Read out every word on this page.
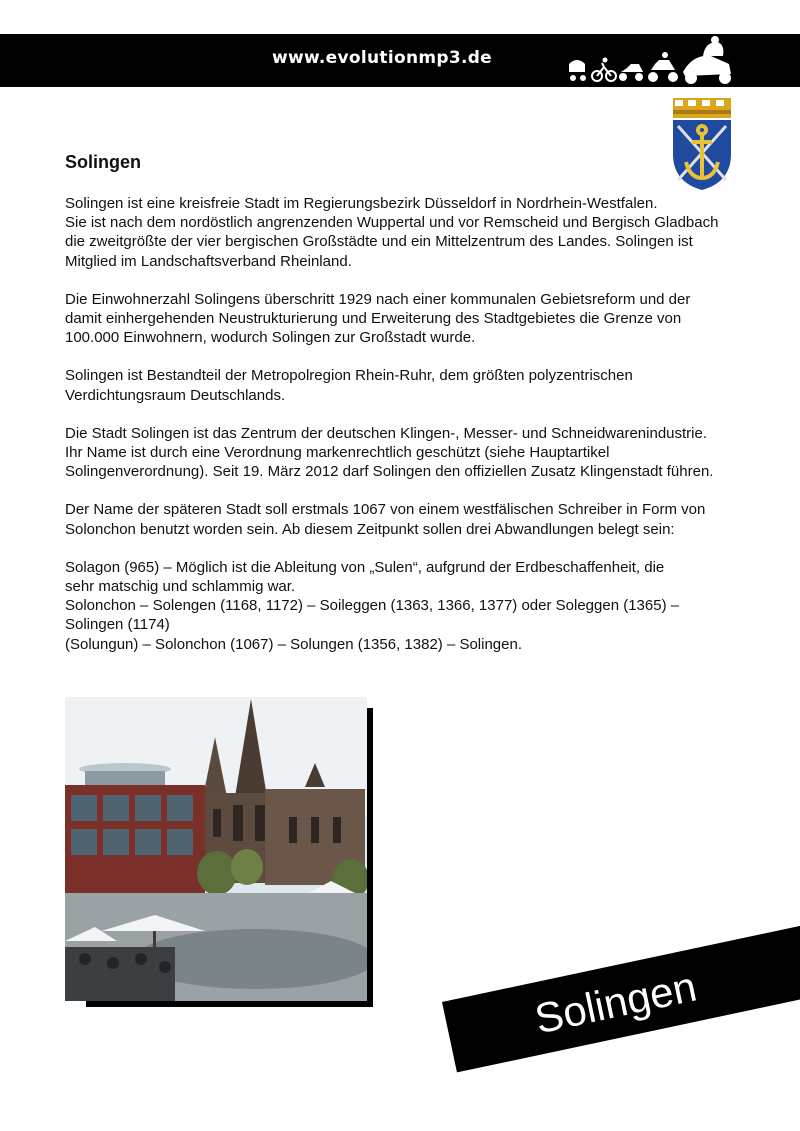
www.evolutionmp3.de
Solingen

Solingen ist eine kreisfreie Stadt im Regierungsbezirk Düsseldorf in Nordrhein-Westfalen.
Sie ist nach dem nordöstlich angrenzenden Wuppertal und vor Remscheid und Bergisch Gladbach
die zweitgrößte der vier bergischen Großstädte und ein Mittelzentrum des Landes. Solingen ist
Mitglied im Landschaftsverband Rheinland.

Die Einwohnerzahl Solingens überschritt 1929 nach einer kommunalen Gebietsreform und der
damit einhergehenden Neustrukturierung und Erweiterung des Stadtgebietes die Grenze von
100.000 Einwohnern, wodurch Solingen zur Großstadt wurde.

Solingen ist Bestandteil der Metropolregion Rhein-Ruhr, dem größten polyzentrischen
Verdichtungsraum Deutschlands.

Die Stadt Solingen ist das Zentrum der deutschen Klingen-, Messer- und Schneidwarenindustrie.
Ihr Name ist durch eine Verordnung markenrechtlich geschützt (siehe Hauptartikel
Solingenverordnung). Seit 19. März 2012 darf Solingen den offiziellen Zusatz Klingenstadt führen.

Der Name der späteren Stadt soll erstmals 1067 von einem westfälischen Schreiber in Form von
Solonchon benutzt worden sein. Ab diesem Zeitpunkt sollen drei Abwandlungen belegt sein:

Solagon (965) – Möglich ist die Ableitung von „Sulen“, aufgrund der Erdbeschaffenheit, die
sehr matschig und schlammig war.
Solonchon – Solengen (1168, 1172) – Soileggen (1363, 1366, 1377) oder Soleggen (1365) –
Solingen (1174)
(Solungun) – Solonchon (1067) – Solungen (1356, 1382) – Solingen.

Solingen
